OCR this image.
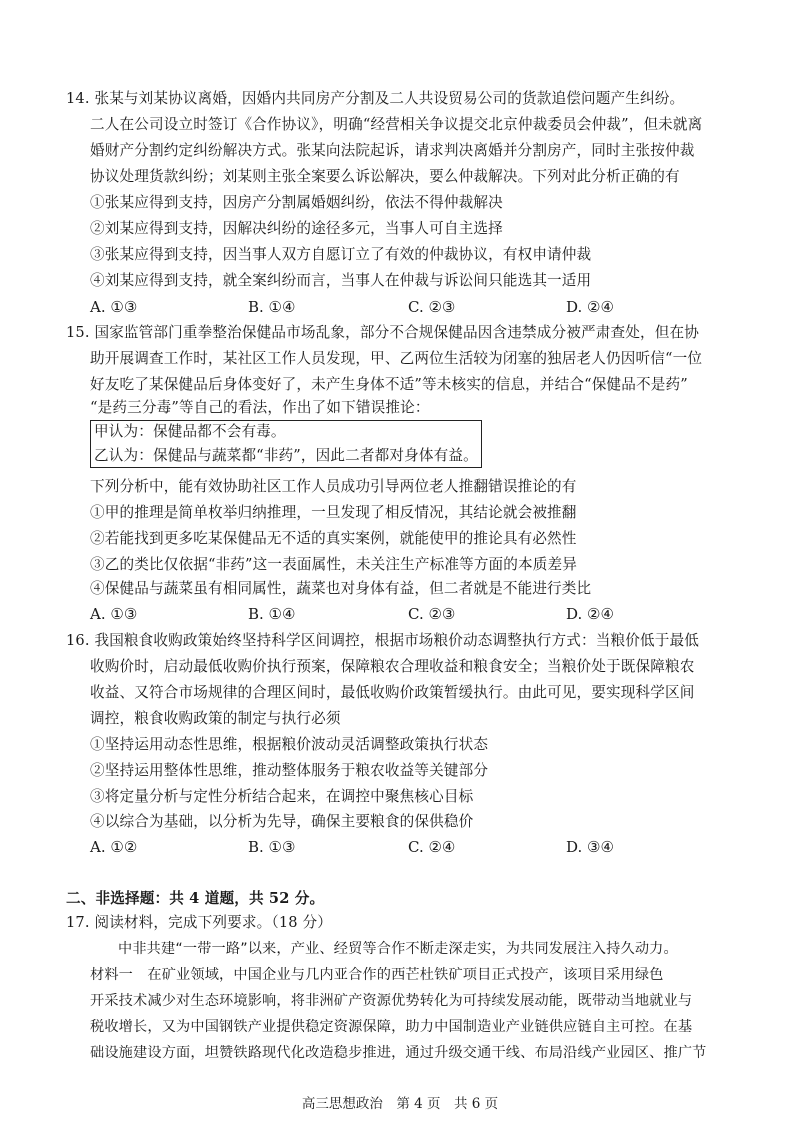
14. 张某与刘某协议离婚，因婚内共同房产分割及二人共设贸易公司的货款追偿问题产生纠纷。
二人在公司设立时签订《合作协议》，明确“经营相关争议提交北京仲裁委员会仲裁”，但未就离
婚财产分割约定纠纷解决方式。张某向法院起诉，请求判决离婚并分割房产，同时主张按仲裁
协议处理货款纠纷；刘某则主张全案要么诉讼解决，要么仲裁解决。下列对此分析正确的有
①张某应得到支持，因房产分割属婚姻纠纷，依法不得仲裁解决
②刘某应得到支持，因解决纠纷的途径多元，当事人可自主选择
③张某应得到支持，因当事人双方自愿订立了有效的仲裁协议，有权申请仲裁
④刘某应得到支持，就全案纠纷而言，当事人在仲裁与诉讼间只能选其一适用
A. ①③	B. ①④	C. ②③	D. ②④
15. 国家监管部门重拳整治保健品市场乱象，部分不合规保健品因含违禁成分被严肃查处，但在协
助开展调查工作时，某社区工作人员发现，甲、乙两位生活较为闭塞的独居老人仍因听信“一位
好友吃了某保健品后身体变好了，未产生身体不适”等未核实的信息，并结合“保健品不是药”
“是药三分毒”等自己的看法，作出了如下错误推论：
甲认为：保健品都不会有毒。
乙认为：保健品与蔬菜都“非药”，因此二者都对身体有益。
下列分析中，能有效协助社区工作人员成功引导两位老人推翻错误推论的有
①甲的推理是简单枚举归纳推理，一旦发现了相反情况，其结论就会被推翻
②若能找到更多吃某保健品无不适的真实案例，就能使甲的推论具有必然性
③乙的类比仅依据“非药”这一表面属性，未关注生产标准等方面的本质差异
④保健品与蔬菜虽有相同属性，蔬菜也对身体有益，但二者就是不能进行类比
A. ①③	B. ①④	C. ②③	D. ②④
16. 我国粮食收购政策始终坚持科学区间调控，根据市场粮价动态调整执行方式：当粮价低于最低
收购价时，启动最低收购价执行预案，保障粮农合理收益和粮食安全；当粮价处于既保障粮农
收益、又符合市场规律的合理区间时，最低收购价政策暂缓执行。由此可见，要实现科学区间
调控，粮食收购政策的制定与执行必须
①坚持运用动态性思维，根据粮价波动灵活调整政策执行状态
②坚持运用整体性思维，推动整体服务于粮农收益等关键部分
③将定量分析与定性分析结合起来，在调控中聚焦核心目标
④以综合为基础，以分析为先导，确保主要粮食的保供稳价
A. ①②	B. ①③	C. ②④	D. ③④
二、非选择题：共 4 道题，共 52 分。
17. 阅读材料，完成下列要求。（18 分）
中非共建“一带一路”以来，产业、经贸等合作不断走深走实，为共同发展注入持久动力。
材料一　在矿业领域，中国企业与几内亚合作的西芒杜铁矿项目正式投产，该项目采用绿色
开采技术减少对生态环境影响，将非洲矿产资源优势转化为可持续发展动能，既带动当地就业与
税收增长，又为中国钢铁产业提供稳定资源保障，助力中国制造业产业链供应链自主可控。在基
础设施建设方面，坦赞铁路现代化改造稳步推进，通过升级交通干线、布局沿线产业园区、推广节
高三思想政治　第 4 页　共 6 页
